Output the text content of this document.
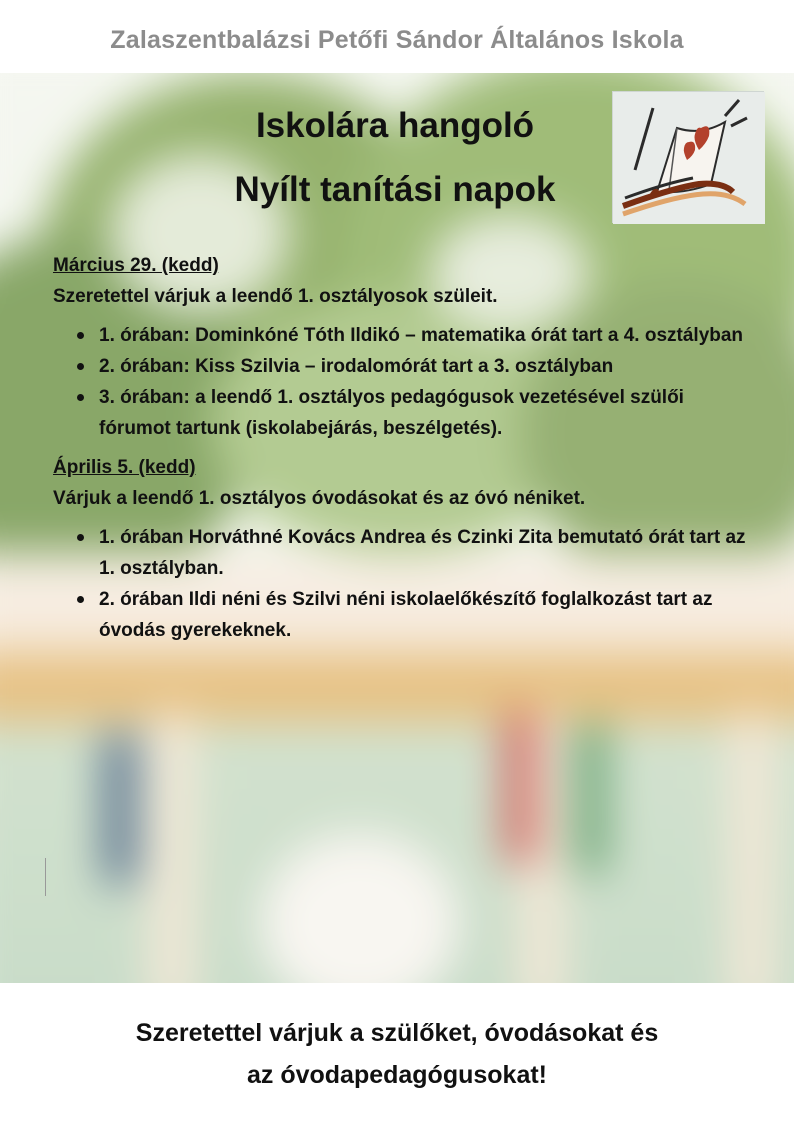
Zalaszentbalázsi Petőfi Sándor Általános Iskola
Iskolára hangoló
Nyílt tanítási napok
Március 29. (kedd)
Szeretettel várjuk a leendő 1. osztályosok szüleit.
1. órában: Dominkóné Tóth Ildikó – matematika órát tart a 4. osztályban
2. órában: Kiss Szilvia – irodalomórát tart a 3. osztályban
3. órában: a leendő 1. osztályos pedagógusok vezetésével szülői fórumot tartunk (iskolabejárás, beszélgetés).
Április 5. (kedd)
Várjuk a leendő 1. osztályos óvodásokat és az óvó néniket.
1. órában Horváthné Kovács Andrea és Czinki Zita bemutató órát tart az 1. osztályban.
2. órában Ildi néni és Szilvi néni iskolaelőkészítő foglalkozást tart az óvodás gyerekeknek.
Szeretettel várjuk a szülőket, óvodásokat és
az óvodapedagógusokat!
